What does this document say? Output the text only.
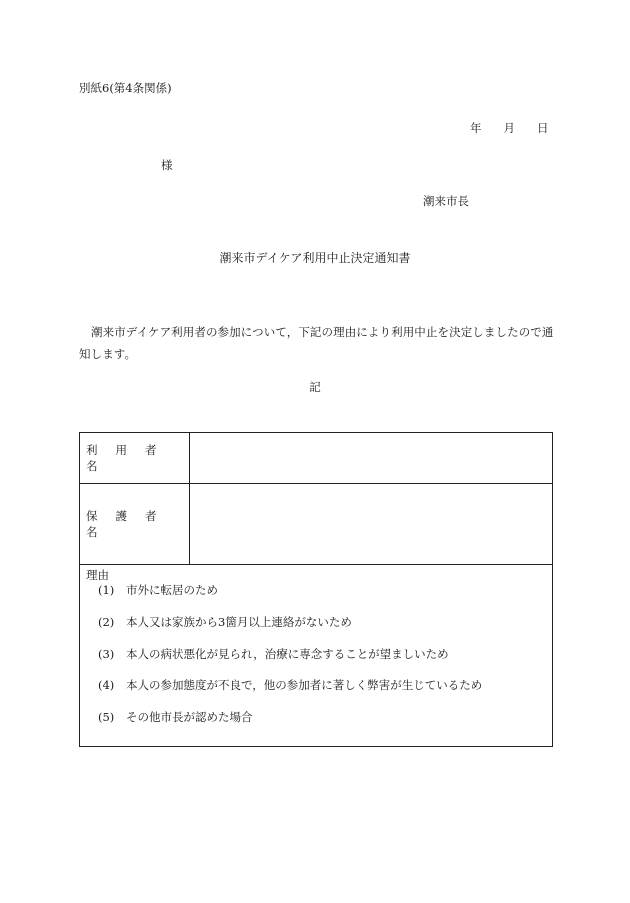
別紙6(第4条関係)
年 月 日
様
潮来市長
潮来市デイケア利用中止決定通知書
潮来市デイケア利用者の参加について，下記の理由により利用中止を決定しましたので通知します。
記
利用者名
保護者名
理由
(1) 市外に転居のため
(2) 本人又は家族から3箇月以上連絡がないため
(3) 本人の病状悪化が見られ，治療に専念することが望ましいため
(4) 本人の参加態度が不良で，他の参加者に著しく弊害が生じているため
(5) その他市長が認めた場合
